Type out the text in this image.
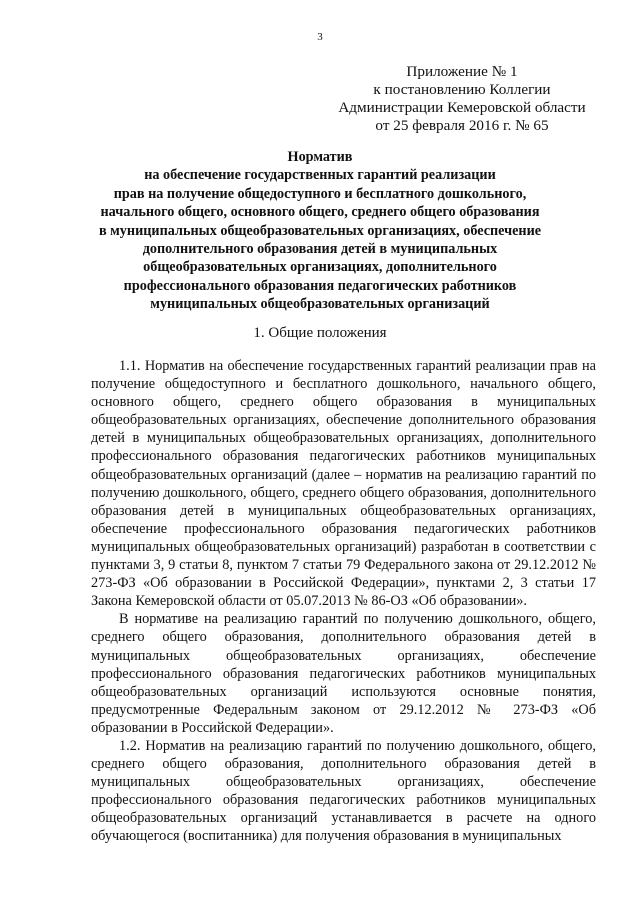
3
Приложение № 1
к постановлению Коллегии
Администрации Кемеровской области
от 25 февраля 2016 г. № 65
Норматив
на обеспечение государственных гарантий реализации
прав на получение общедоступного и бесплатного дошкольного,
начального общего, основного общего, среднего общего образования
в муниципальных общеобразовательных организациях, обеспечение
дополнительного образования детей в муниципальных
общеобразовательных организациях, дополнительного
профессионального образования педагогических работников
муниципальных общеобразовательных организаций
1. Общие положения

1.1. Норматив на обеспечение государственных гарантий реализации прав на получение общедоступного и бесплатного дошкольного, начального общего, основного общего, среднего общего образования в муниципальных общеобразовательных организациях, обеспечение дополнительного образования детей в муниципальных общеобразовательных организациях, дополнительного профессионального образования педагогических работников муниципальных общеобразовательных организаций (далее – норматив на реализацию гарантий по получению дошкольного, общего, среднего общего образования, дополнительного образования детей в муниципальных общеобразовательных организациях, обеспечение профессионального образования педагогических работников муниципальных общеобразовательных организаций) разработан в соответствии с пунктами 3, 9 статьи 8, пунктом 7 статьи 79 Федерального закона от 29.12.2012 № 273-ФЗ «Об образовании в Российской Федерации», пунктами 2, 3 статьи 17 Закона Кемеровской области от 05.07.2013 № 86-ОЗ «Об образовании».

В нормативе на реализацию гарантий по получению дошкольного, общего, среднего общего образования, дополнительного образования детей в муниципальных общеобразовательных организациях, обеспечение профессионального образования педагогических работников муниципальных общеобразовательных организаций используются основные понятия, предусмотренные Федеральным законом от 29.12.2012 № 273-ФЗ «Об образовании в Российской Федерации».

1.2. Норматив на реализацию гарантий по получению дошкольного, общего, среднего общего образования, дополнительного образования детей в муниципальных общеобразовательных организациях, обеспечение профессионального образования педагогических работников муниципальных общеобразовательных организаций устанавливается в расчете на одного обучающегося (воспитанника) для получения образования в муниципальных
